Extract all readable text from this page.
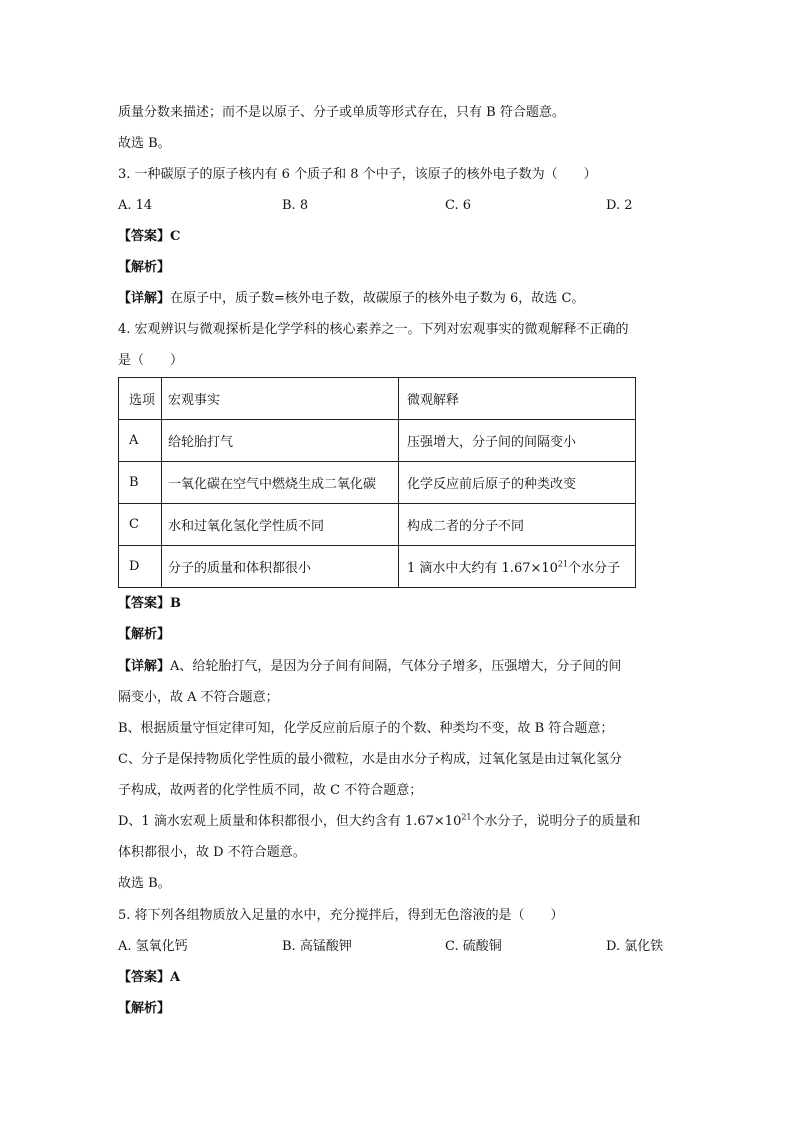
质量分数来描述；而不是以原子、分子或单质等形式存在，只有 B 符合题意。
故选 B。
3. 一种碳原子的原子核内有 6 个质子和 8 个中子，该原子的核外电子数为（　　）
A. 14	B. 8	C. 6	D. 2
【答案】C
【解析】
【详解】在原子中，质子数=核外电子数，故碳原子的核外电子数为 6，故选 C。
4. 宏观辨识与微观探析是化学学科的核心素养之一。下列对宏观事实的微观解释不正确的
是（　　）
选项	宏观事实	微观解释
A	给轮胎打气	压强增大，分子间的间隔变小
B	一氧化碳在空气中燃烧生成二氧化碳	化学反应前后原子的种类改变
C	水和过氧化氢化学性质不同	构成二者的分子不同
D	分子的质量和体积都很小	1 滴水中大约有 $1.67\times 10^{21}$个水分子
【答案】B
【解析】
【详解】A、给轮胎打气，是因为分子间有间隔，气体分子增多，压强增大，分子间的间
隔变小，故 A 不符合题意；
B、根据质量守恒定律可知，化学反应前后原子的个数、种类均不变，故 B 符合题意；
C、分子是保持物质化学性质的最小微粒，水是由水分子构成，过氧化氢是由过氧化氢分
子构成，故两者的化学性质不同，故 C 不符合题意；
D、1 滴水宏观上质量和体积都很小，但大约含有 $1.67\times 10^{21}$个水分子，说明分子的质量和
体积都很小，故 D 不符合题意。
故选 B。
5. 将下列各组物质放入足量的水中，充分搅拌后，得到无色溶液的是（　　）
A. 氢氧化钙	B. 高锰酸钾	C. 硫酸铜	D. 氯化铁
【答案】A
【解析】
